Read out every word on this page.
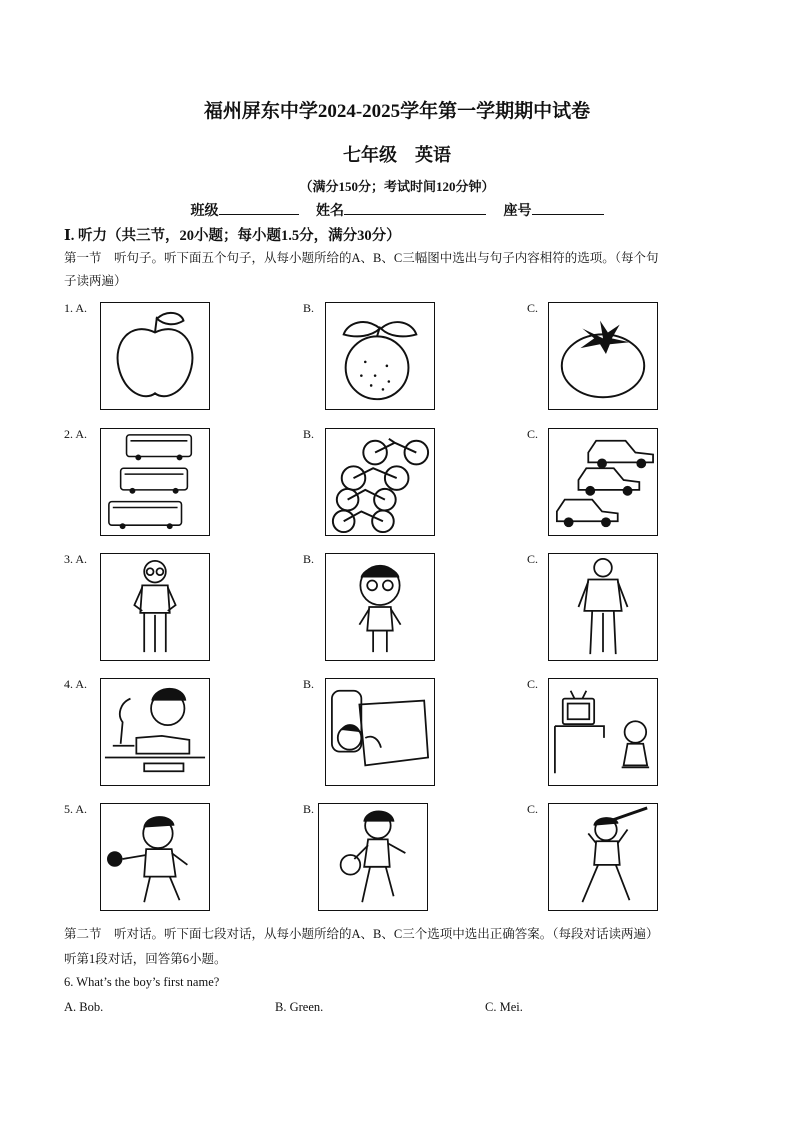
福州屏东中学2024-2025学年第一学期期中试卷
七年级　英语
（满分150分；考试时间120分钟）
班级	姓名	座号
Ⅰ. 听力（共三节，20小题；每小题1.5分，满分30分）
第一节　听句子。听下面五个句子，从每小题所给的A、B、C三幅图中选出与句子内容相符的选项。（每个句
子读两遍）
1. A.	B.	C.
2. A.	B.	C.
3. A.	B.	C.
4. A.	B.	C.
5. A.	B.	C.
第二节　听对话。听下面七段对话，从每小题所给的A、B、C三个选项中选出正确答案。（每段对话读两遍）
听第1段对话，回答第6小题。
6. What’s the boy’s first name?
A. Bob.	B. Green.	C. Mei.
